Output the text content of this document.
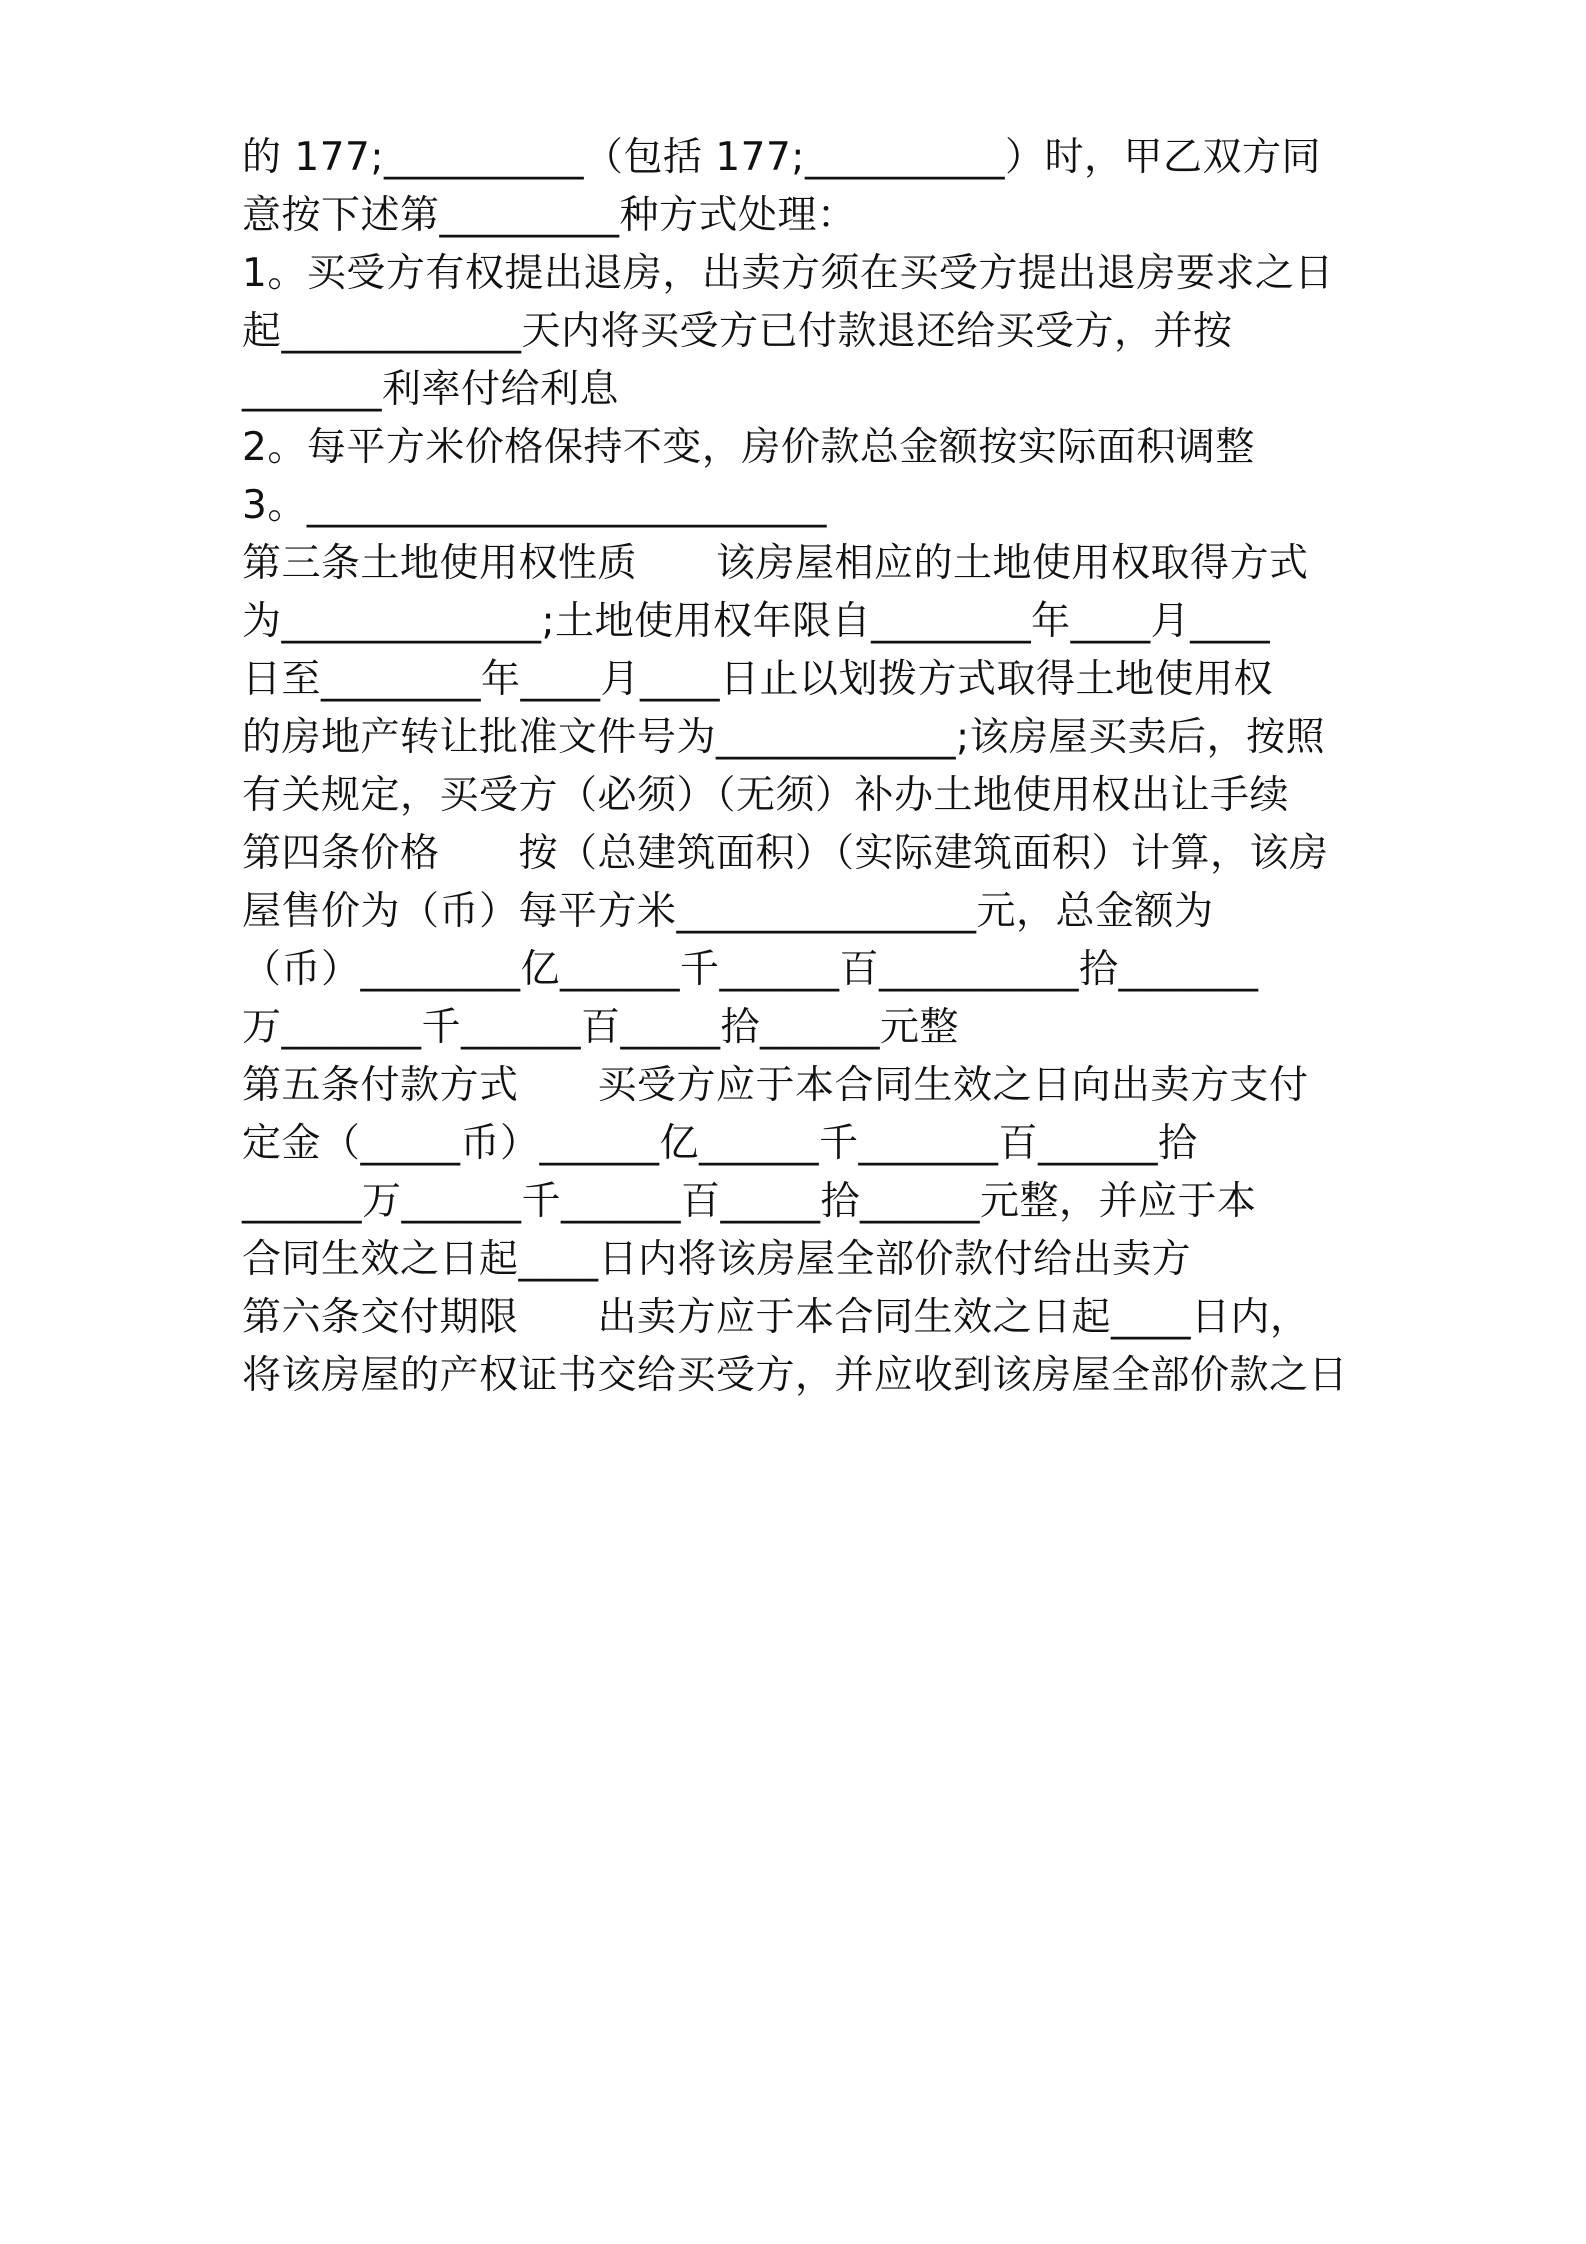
的 177;__________（包括 177;__________）时，甲乙双方同
意按下述第_________种方式处理：
1。买受方有权提出退房，出卖方须在买受方提出退房要求之日
起____________天内将买受方已付款退还给买受方，并按
_______利率付给利息
2。每平方米价格保持不变，房价款总金额按实际面积调整
3。__________________________
第三条土地使用权性质　　该房屋相应的土地使用权取得方式
为_____________;土地使用权年限自________年____月____
日至________年____月____日止以划拨方式取得土地使用权
的房地产转让批准文件号为____________;该房屋买卖后，按照
有关规定，买受方（必须）（无须）补办土地使用权出让手续
第四条价格　　按（总建筑面积）（实际建筑面积）计算，该房
屋售价为（币）每平方米_______________元，总金额为
（币）________亿______千______百__________拾_______
万_______千______百_____拾______元整
第五条付款方式　　买受方应于本合同生效之日向出卖方支付
定金（_____币）______亿______千_______百______拾
______万______千______百_____拾______元整，并应于本
合同生效之日起____日内将该房屋全部价款付给出卖方
第六条交付期限　　出卖方应于本合同生效之日起____日内，
将该房屋的产权证书交给买受方，并应收到该房屋全部价款之日
